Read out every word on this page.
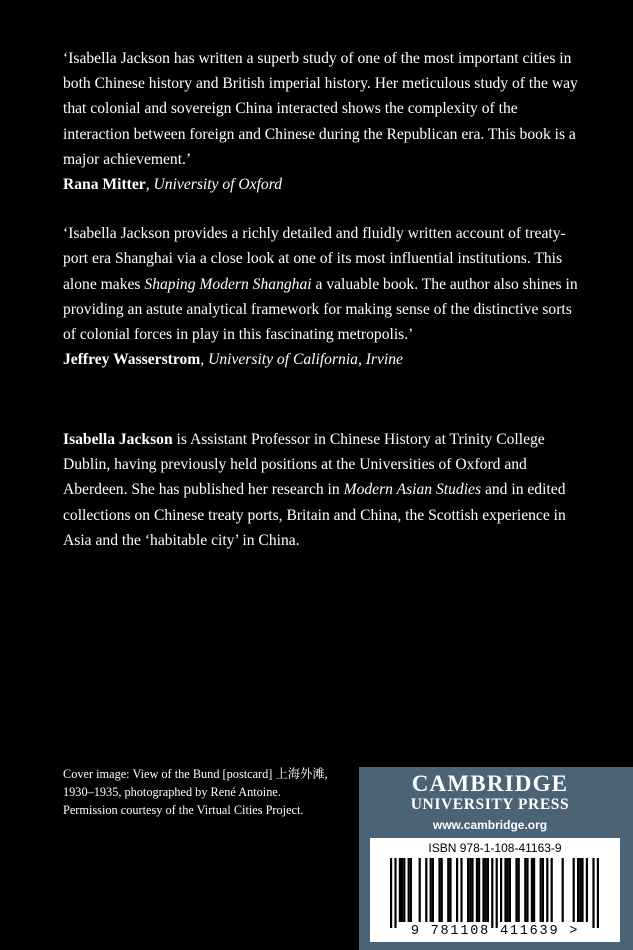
‘Isabella Jackson has written a superb study of one of the most important cities in both Chinese history and British imperial history. Her meticulous study of the way that colonial and sovereign China interacted shows the complexity of the interaction between foreign and Chinese during the Republican era. This book is a major achievement.’

Rana Mitter, University of Oxford

‘Isabella Jackson provides a richly detailed and fluidly written account of treaty-port era Shanghai via a close look at one of its most influential institutions. This alone makes Shaping Modern Shanghai a valuable book. The author also shines in providing an astute analytical framework for making sense of the distinctive sorts of colonial forces in play in this fascinating metropolis.’

Jeffrey Wasserstrom, University of California, Irvine

Isabella Jackson is Assistant Professor in Chinese History at Trinity College Dublin, having previously held positions at the Universities of Oxford and Aberdeen. She has published her research in Modern Asian Studies and in edited collections on Chinese treaty ports, Britain and China, the Scottish experience in Asia and the ‘habitable city’ in China.

Cover image: View of the Bund [postcard] 上海外滩, 1930–1935, photographed by René Antoine. Permission courtesy of the Virtual Cities Project.

CAMBRIDGE
UNIVERSITY PRESS
www.cambridge.org
ISBN 978-1-108-41163-9
9 781108 411639 >
